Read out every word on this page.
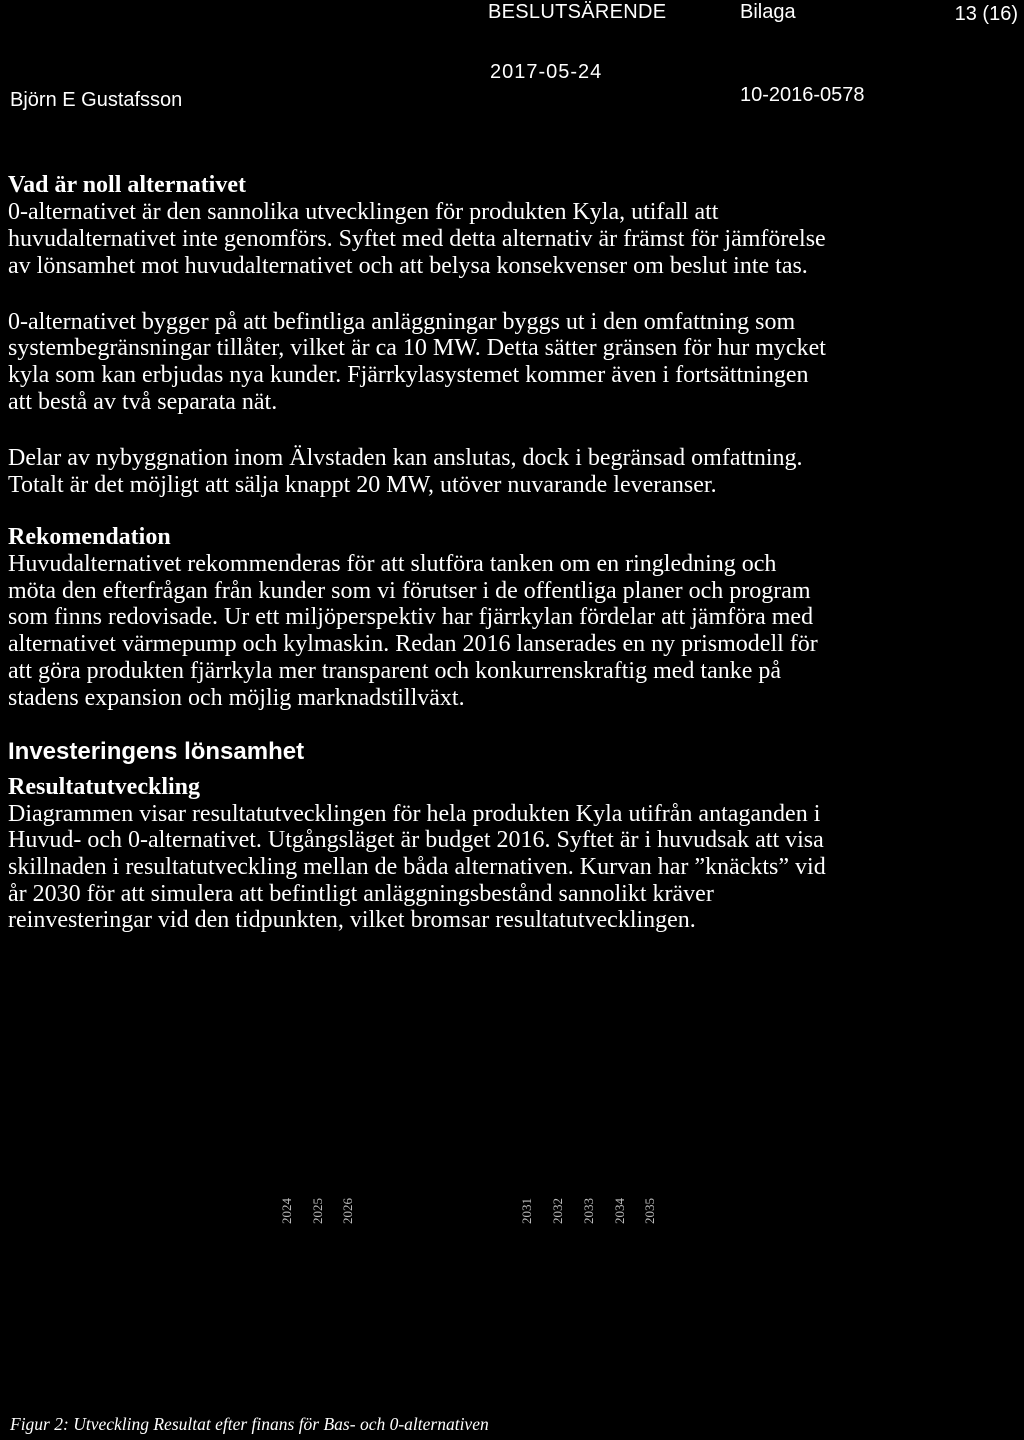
BESLUTSÄRENDE	Bilaga	13 (16)
2017-05-24
Björn E Gustafsson	10-2016-0578
Vad är noll alternativet
0-alternativet är den sannolika utvecklingen för produkten Kyla, utifall att
huvudalternativet inte genomförs. Syftet med detta alternativ är främst för jämförelse
av lönsamhet mot huvudalternativet och att belysa konsekvenser om beslut inte tas.
0-alternativet bygger på att befintliga anläggningar byggs ut i den omfattning som
systembegränsningar tillåter, vilket är ca 10 MW. Detta sätter gränsen för hur mycket
kyla som kan erbjudas nya kunder. Fjärrkylasystemet kommer även i fortsättningen
att bestå av två separata nät.
Delar av nybyggnation inom Älvstaden kan anslutas, dock i begränsad omfattning.
Totalt är det möjligt att sälja knappt 20 MW, utöver nuvarande leveranser.
Rekomendation
Huvudalternativet rekommenderas för att slutföra tanken om en ringledning och
möta den efterfrågan från kunder som vi förutser i de offentliga planer och program
som finns redovisade. Ur ett miljöperspektiv har fjärrkylan fördelar att jämföra med
alternativet värmepump och kylmaskin. Redan 2016 lanserades en ny prismodell för
att göra produkten fjärrkyla mer transparent och konkurrenskraftig med tanke på
stadens expansion och möjlig marknadstillväxt.
Investeringens lönsamhet
Resultatutveckling
Diagrammen visar resultatutvecklingen för hela produkten Kyla utifrån antaganden i
Huvud- och 0-alternativet. Utgångsläget är budget 2016. Syftet är i huvudsak att visa
skillnaden i resultatutveckling mellan de båda alternativen. Kurvan har ”knäckts” vid
år 2030 för att simulera att befintligt anläggningsbestånd sannolikt kräver
reinvesteringar vid den tidpunkten, vilket bromsar resultatutvecklingen.
2024 2025 2026	2031 2032 2033 2034 2035
Figur 2: Utveckling Resultat efter finans för Bas- och 0-alternativen
